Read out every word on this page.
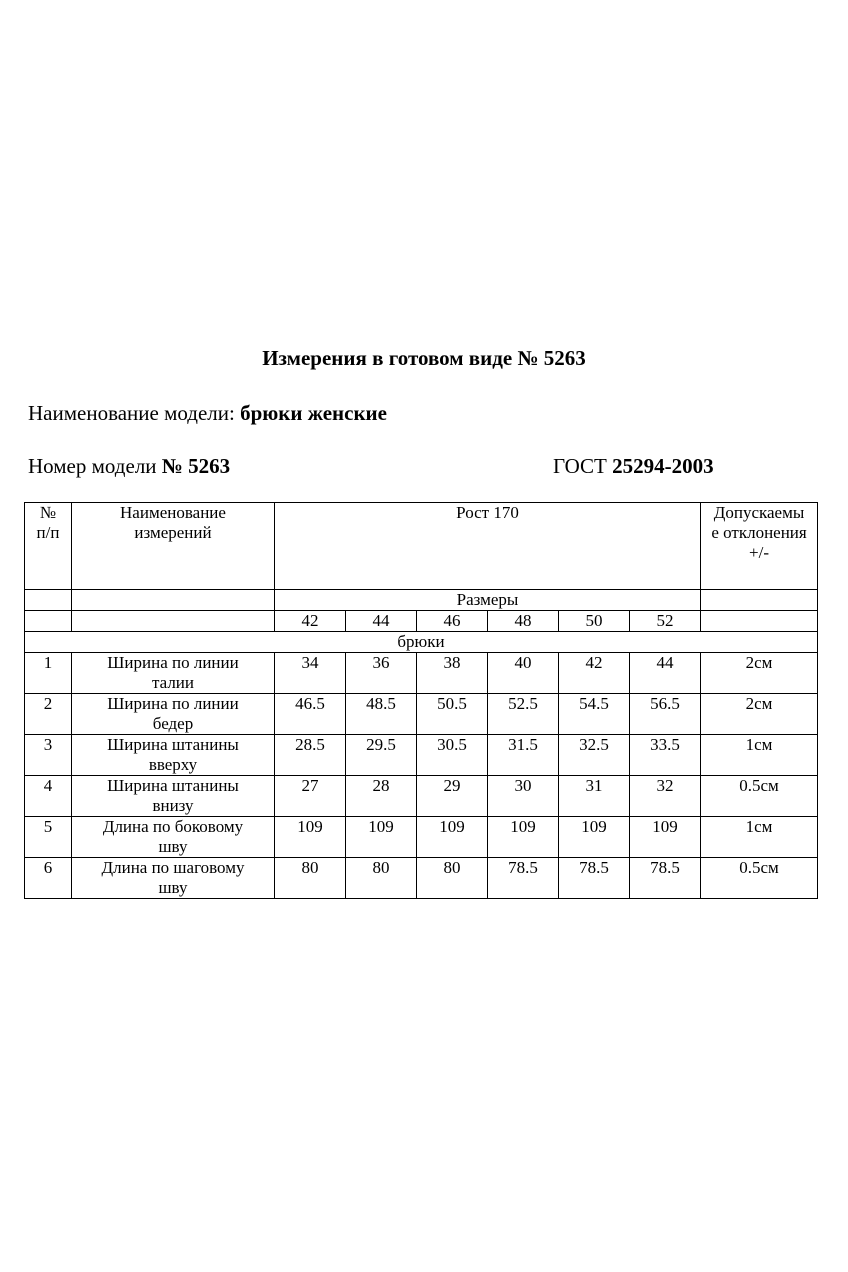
Измерения в готовом виде № 5263
Наименование модели: брюки женские
Номер модели № 5263	ГОСТ 25294-2003
№ п/п	Наименование измерений	Рост 170						Допускаемые отклонения +/-

		Размеры						
		42	44	46	48	50	52	
брюки								
1	Ширина по линии талии	34	36	38	40	42	44	2см
2	Ширина по линии бедер	46.5	48.5	50.5	52.5	54.5	56.5	2см
3	Ширина штанины вверху	28.5	29.5	30.5	31.5	32.5	33.5	1см
4	Ширина штанины внизу	27	28	29	30	31	32	0.5см
5	Длина по боковому шву	109	109	109	109	109	109	1см
6	Длина по шаговому шву	80	80	80	78.5	78.5	78.5	0.5см
